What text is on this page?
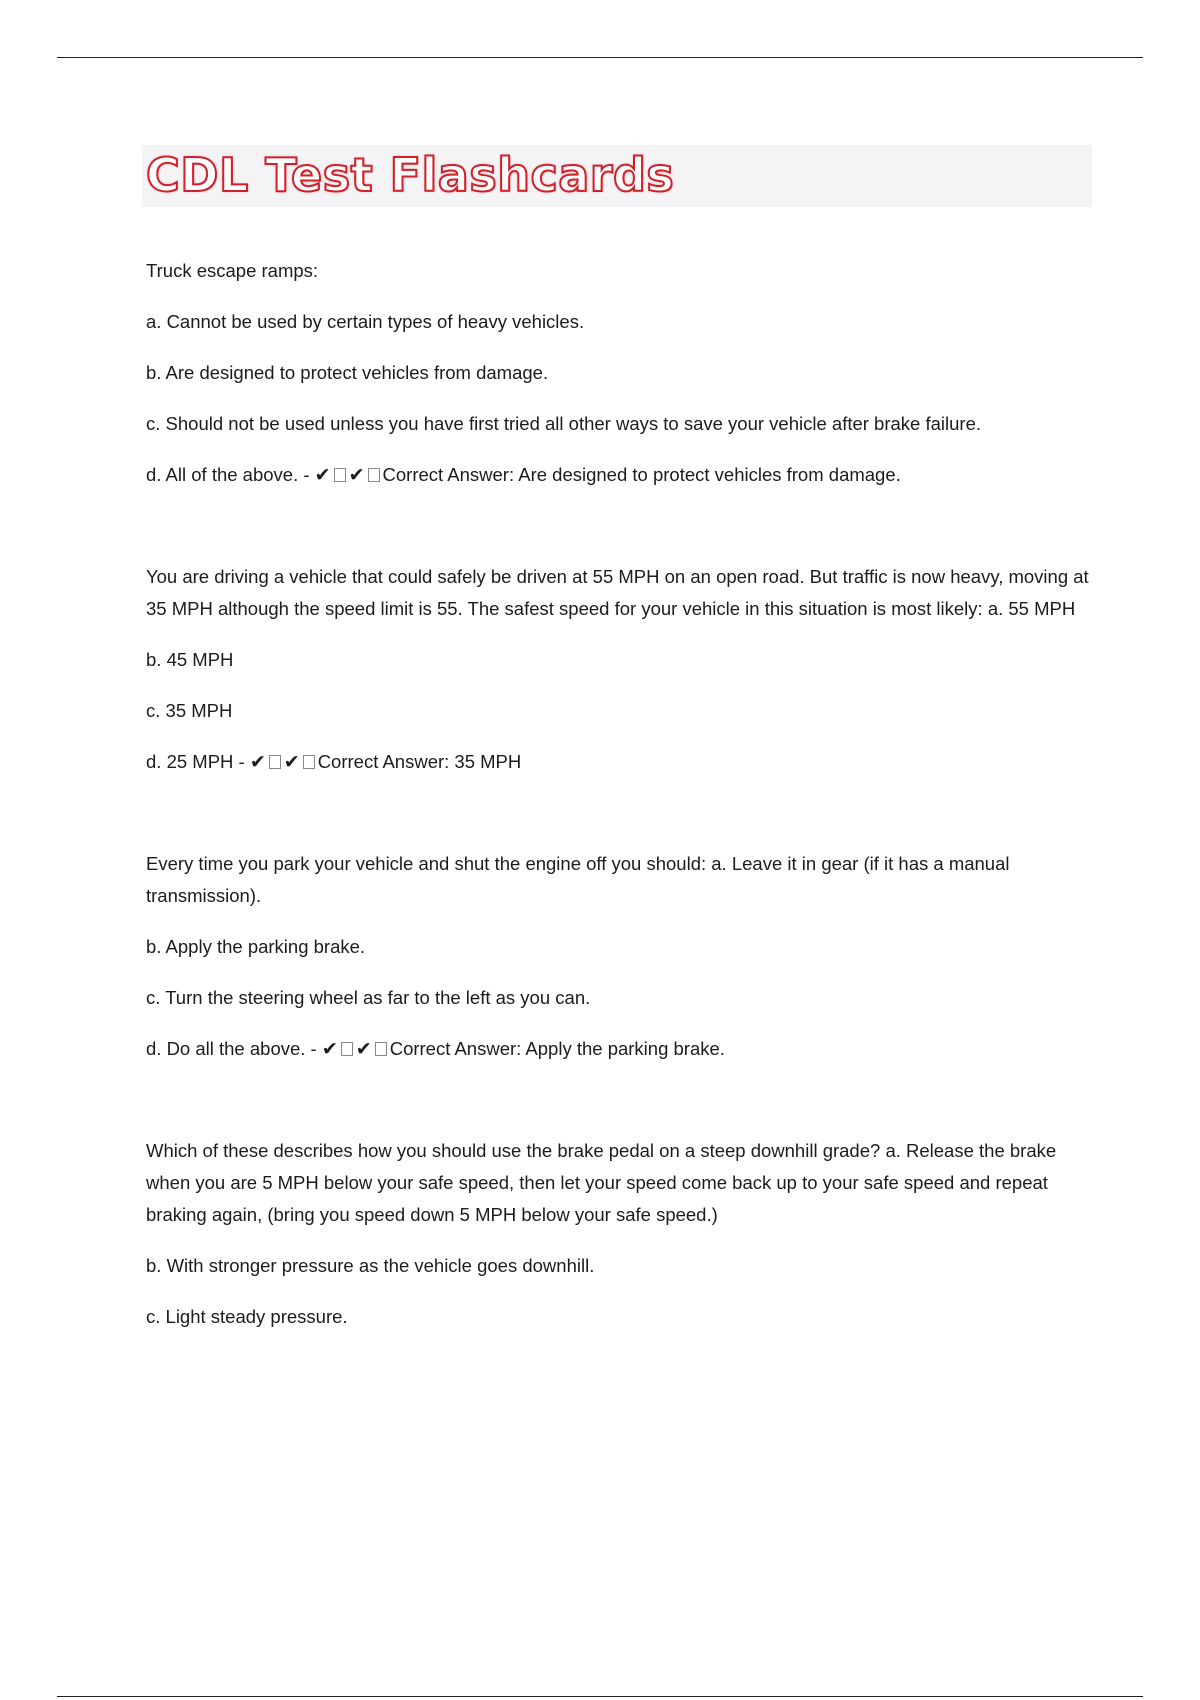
CDL Test Flashcards

Truck escape ramps:

a. Cannot be used by certain types of heavy vehicles.

b. Are designed to protect vehicles from damage.

c. Should not be used unless you have first tried all other ways to save your vehicle after brake failure.

d. All of the above. - ✔ ✔ Correct Answer: Are designed to protect vehicles from damage.

You are driving a vehicle that could safely be driven at 55 MPH on an open road. But traffic is now heavy, moving at 35 MPH although the speed limit is 55. The safest speed for your vehicle in this situation is most likely: a. 55 MPH

b. 45 MPH

c. 35 MPH

d. 25 MPH - ✔ ✔ Correct Answer: 35 MPH

Every time you park your vehicle and shut the engine off you should: a. Leave it in gear (if it has a manual transmission).

b. Apply the parking brake.

c. Turn the steering wheel as far to the left as you can.

d. Do all the above. - ✔ ✔ Correct Answer: Apply the parking brake.

Which of these describes how you should use the brake pedal on a steep downhill grade? a. Release the brake when you are 5 MPH below your safe speed, then let your speed come back up to your safe speed and repeat braking again, (bring you speed down 5 MPH below your safe speed.)

b. With stronger pressure as the vehicle goes downhill.

c. Light steady pressure.
